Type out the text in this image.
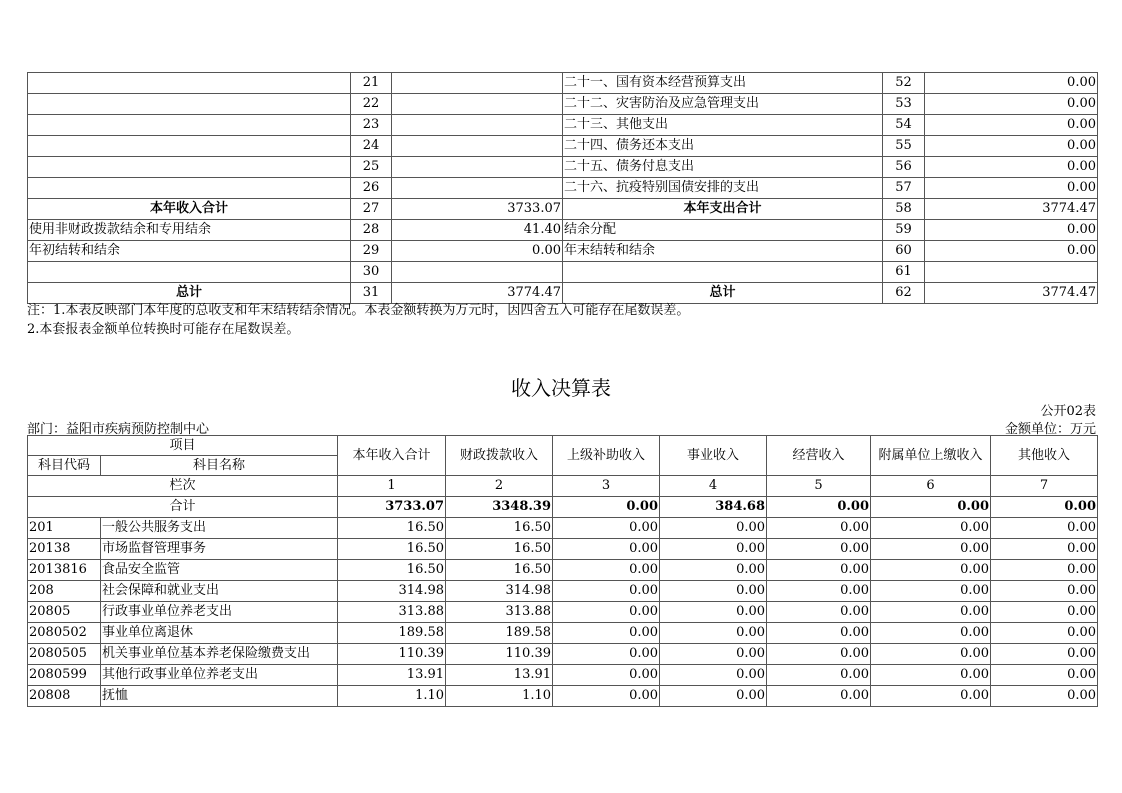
	21		二十一、国有资本经营预算支出	52	0.00
	22		二十二、灾害防治及应急管理支出	53	0.00
	23		二十三、其他支出	54	0.00
	24		二十四、债务还本支出	55	0.00
	25		二十五、债务付息支出	56	0.00
	26		二十六、抗疫特别国债安排的支出	57	0.00
本年收入合计	27	3733.07	本年支出合计	58	3774.47
使用非财政拨款结余和专用结余	28	41.40	结余分配	59	0.00
年初结转和结余	29	0.00	年末结转和结余	60	0.00
	30			61	
总计	31	3774.47	总计	62	3774.47
注：1.本表反映部门本年度的总收支和年末结转结余情况。本表金额转换为万元时，因四舍五入可能存在尾数误差。
2.本套报表金额单位转换时可能存在尾数误差。
收入决算表
公开02表
部门：益阳市疾病预防控制中心	金额单位：万元
项目		本年收入合计	财政拨款收入	上级补助收入	事业收入	经营收入	附属单位上缴收入	其他收入
科目代码	科目名称							
栏次		1	2	3	4	5	6	7
合计		3733.07	3348.39	0.00	384.68	0.00	0.00	0.00
201	一般公共服务支出	16.50	16.50	0.00	0.00	0.00	0.00	0.00
20138	市场监督管理事务	16.50	16.50	0.00	0.00	0.00	0.00	0.00
2013816	食品安全监管	16.50	16.50	0.00	0.00	0.00	0.00	0.00
208	社会保障和就业支出	314.98	314.98	0.00	0.00	0.00	0.00	0.00
20805	行政事业单位养老支出	313.88	313.88	0.00	0.00	0.00	0.00	0.00
2080502	事业单位离退休	189.58	189.58	0.00	0.00	0.00	0.00	0.00
2080505	机关事业单位基本养老保险缴费支出	110.39	110.39	0.00	0.00	0.00	0.00	0.00
2080599	其他行政事业单位养老支出	13.91	13.91	0.00	0.00	0.00	0.00	0.00
20808	抚恤	1.10	1.10	0.00	0.00	0.00	0.00	0.00
